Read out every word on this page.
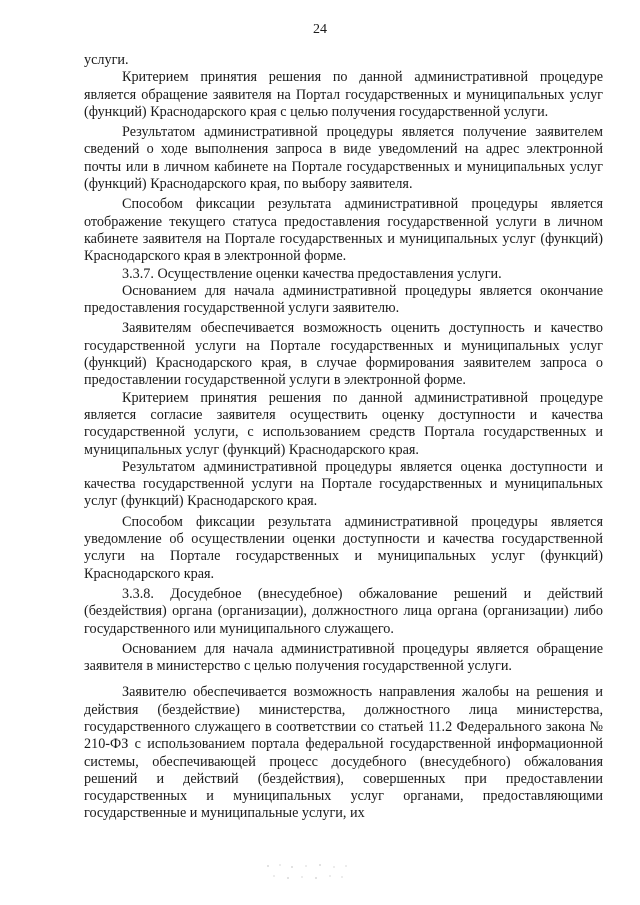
24

услуги.

Критерием принятия решения по данной административной процедуре является обращение заявителя на Портал государственных и муниципальных услуг (функций) Краснодарского края с целью получения государственной услуги.

Результатом административной процедуры является получение заявителем сведений о ходе выполнения запроса в виде уведомлений на адрес электронной почты или в личном кабинете на Портале государственных и муниципальных услуг (функций) Краснодарского края, по выбору заявителя.

Способом фиксации результата административной процедуры является отображение текущего статуса предоставления государственной услуги в личном кабинете заявителя на Портале государственных и муниципальных услуг (функций) Краснодарского края в электронной форме.

3.3.7. Осуществление оценки качества предоставления услуги.

Основанием для начала административной процедуры является окончание предоставления государственной услуги заявителю.

Заявителям обеспечивается возможность оценить доступность и качество государственной услуги на Портале государственных и муниципальных услуг (функций) Краснодарского края, в случае формирования заявителем запроса о предоставлении государственной услуги в электронной форме.

Критерием принятия решения по данной административной процедуре является согласие заявителя осуществить оценку доступности и качества государственной услуги, с использованием средств Портала государственных и муниципальных услуг (функций) Краснодарского края.

Результатом административной процедуры является оценка доступности и качества государственной услуги на Портале государственных и муниципальных услуг (функций) Краснодарского края.

Способом фиксации результата административной процедуры является уведомление об осуществлении оценки доступности и качества государственной услуги на Портале государственных и муниципальных услуг (функций) Краснодарского края.

3.3.8. Досудебное (внесудебное) обжалование решений и действий (бездействия) органа (организации), должностного лица органа (организации) либо государственного или муниципального служащего.

Основанием для начала административной процедуры является обращение заявителя в министерство с целью получения государственной услуги.

Заявителю обеспечивается возможность направления жалобы на решения и действия (бездействие) министерства, должностного лица министерства, государственного служащего в соответствии со статьей 11.2 Федерального закона № 210-ФЗ с использованием портала федеральной государственной информационной системы, обеспечивающей процесс досудебного (внесудебного) обжалования решений и действий (бездействия), совершенных при предоставлении государственных и муниципальных услуг органами, предоставляющими государственные и муниципальные услуги, их
